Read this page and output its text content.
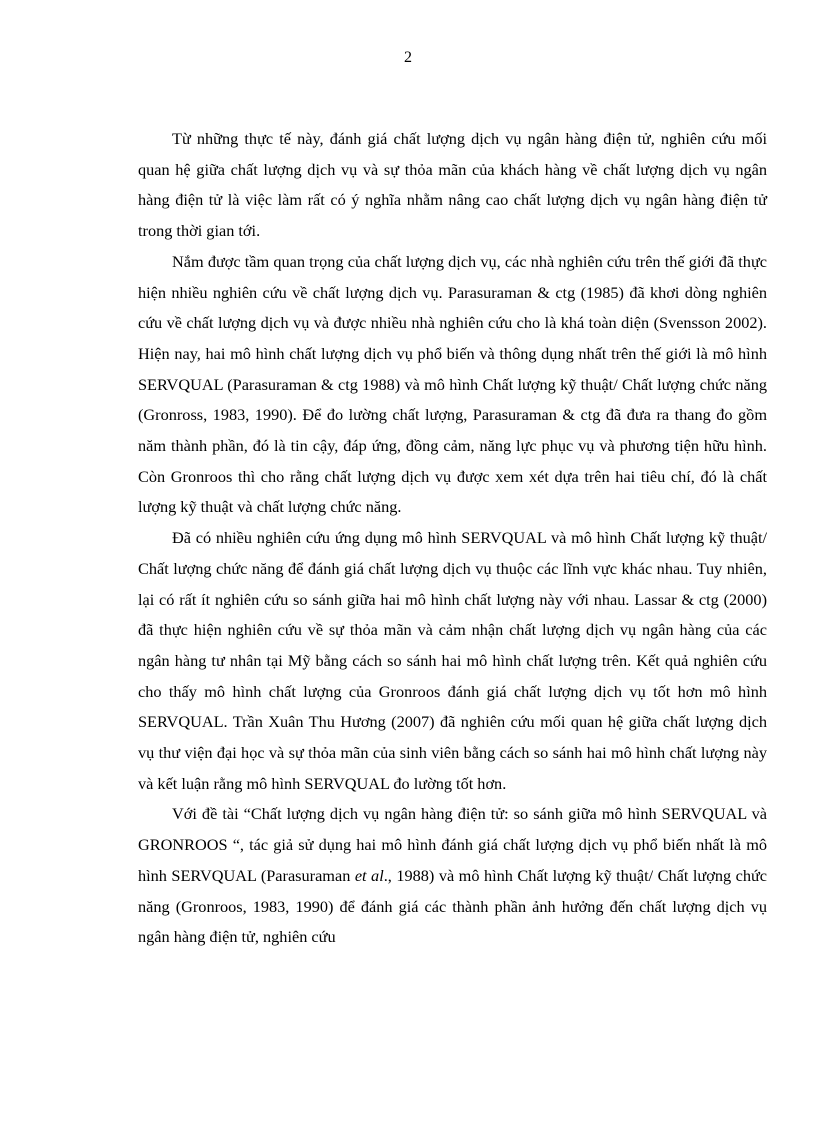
2

Từ những thực tế này, đánh giá chất lượng dịch vụ ngân hàng điện tử, nghiên cứu mối quan hệ giữa chất lượng dịch vụ và sự thỏa mãn của khách hàng về chất lượng dịch vụ ngân hàng điện tử là việc làm rất có ý nghĩa nhằm nâng cao chất lượng dịch vụ ngân hàng điện tử trong thời gian tới.

Nắm được tầm quan trọng của chất lượng dịch vụ, các nhà nghiên cứu trên thế giới đã thực hiện nhiều nghiên cứu về chất lượng dịch vụ. Parasuraman & ctg (1985) đã khơi dòng nghiên cứu về chất lượng dịch vụ và được nhiều nhà nghiên cứu cho là khá toàn diện (Svensson 2002). Hiện nay, hai mô hình chất lượng dịch vụ phổ biến và thông dụng nhất trên thế giới là mô hình SERVQUAL (Parasuraman & ctg 1988) và mô hình Chất lượng kỹ thuật/ Chất lượng chức năng (Gronross, 1983, 1990). Để đo lường chất lượng, Parasuraman & ctg đã đưa ra thang đo gồm năm thành phần, đó là tin cậy, đáp ứng, đồng cảm, năng lực phục vụ và phương tiện hữu hình. Còn Gronroos thì cho rằng chất lượng dịch vụ được xem xét dựa trên hai tiêu chí, đó là chất lượng kỹ thuật và chất lượng chức năng.

Đã có nhiều nghiên cứu ứng dụng mô hình SERVQUAL và mô hình Chất lượng kỹ thuật/ Chất lượng chức năng để đánh giá chất lượng dịch vụ thuộc các lĩnh vực khác nhau. Tuy nhiên, lại có rất ít nghiên cứu so sánh giữa hai mô hình chất lượng này với nhau. Lassar & ctg (2000) đã thực hiện nghiên cứu về sự thỏa mãn và cảm nhận chất lượng dịch vụ ngân hàng của các ngân hàng tư nhân tại Mỹ bằng cách so sánh hai mô hình chất lượng trên. Kết quả nghiên cứu cho thấy mô hình chất lượng của Gronroos đánh giá chất lượng dịch vụ tốt hơn mô hình SERVQUAL. Trần Xuân Thu Hương (2007) đã nghiên cứu mối quan hệ giữa chất lượng dịch vụ thư viện đại học và sự thỏa mãn của sinh viên bằng cách so sánh hai mô hình chất lượng này và kết luận rằng mô hình SERVQUAL đo lường tốt hơn.

Với đề tài “Chất lượng dịch vụ ngân hàng điện tử: so sánh giữa mô hình SERVQUAL và GRONROOS “, tác giả sử dụng hai mô hình đánh giá chất lượng dịch vụ phổ biến nhất là mô hình SERVQUAL (Parasuraman et al., 1988) và mô hình Chất lượng kỹ thuật/ Chất lượng chức năng (Gronroos, 1983, 1990) để đánh giá các thành phần ảnh hưởng đến chất lượng dịch vụ ngân hàng điện tử, nghiên cứu
